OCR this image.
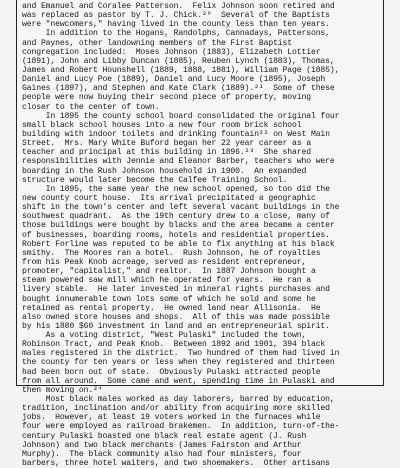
and Emanuel and Coralee Patterson.  Felix Johnson soon retired and
was replaced as pastor by T. J. Chick.²⁰  Several of the Baptists
were "newcomers," having lived in the county less than ten years.
In addition to the Hogans, Randolphs, Cannadays, Pattersons,
and Paynes, other landowning members of the First Baptist
congregation included:  Moses Johnson (1883), Elizabeth Lottier
(1891), John and Libby Duncan (1885), Reuben Lynch (1883), Thomas,
James and Robert Hounshell (1889, 1888, 1881), William Page (1885),
Daniel and Lucy Poe (1889), Daniel and Lucy Moore (1895), Joseph
Gaines (1897), and Stephen and Kate Clark (1889).²¹  Some of these
people were now buying their second piece of property, moving
closer to the center of town.
In 1895 the county school board consolidated the original four
small black school houses into a new four room brick school
building with indoor toilets and drinking fountain²² on West Main
Street.  Mrs. Mary White Buford began her 22 year career as a
teacher and principal at this building in 1896.²³  She shared
responsibilities with Jennie and Eleanor Barber, teachers who were
boarding in the Rush Johnson household in 1900.  An expanded
structure would later become the Calfee Training School.
In 1895, the same year the new school opened, so too did the
new county court house.  Its arrival precipitated a geographic
shift in the town's center and left several vacant buildings in the
southwest quadrant.  As the 19th century drew to a close, many of
those buildings were bought by blacks and the area became a center
of businesses, boarding rooms, hotels and residential properties.
Robert Forline was reputed to be able to fix anything at his black
smithy.  The Moores ran a hotel.  Rush Johnson, he of royalties
from his Peak Knob acreage, served as resident entrepreneur,
promoter, "capitalist," and realtor.  In 1887 Johnson bought a
steam powered saw mill which he operated for years.  He ran a
livery stable.  He later invested in mineral rights purchases and
bought innumerable town lots some of which he sold and some he
retained as rental property.  He owned land near Allisonia.  He
also owned store houses and shops.  All of this was made possible
by his 1880 $60 investment in land and an entrepreneurial spirit.
As a voting district, "West Pulaski" included the town,
Robinson Tract, and Peak Knob.  Between 1892 and 1901, 394 black
males registered in the district.  Two hundred of them had lived in
the county for ten years or less when they registered and thirteen
had been born out of state.  Obviously Pulaski attracted people
from all around.  Some came and went, spending time in Pulaski and
then moving on.²⁴
Most black males worked as day laborers, barred by education,
tradition, inclination and/or ability from acquiring more skilled
jobs.  However, at least 19 voters worked in the furnaces while
four were employed as railroad brakemen.  In addition, turn-of-the-
century Pulaski boasted one black real estate agent (J. Rush
Johnson) and two black merchants (James Fairston and Arthur
Murphy).  The black community also had four ministers, four
barbers, three hotel waiters, and two shoemakers.  Other artisans
